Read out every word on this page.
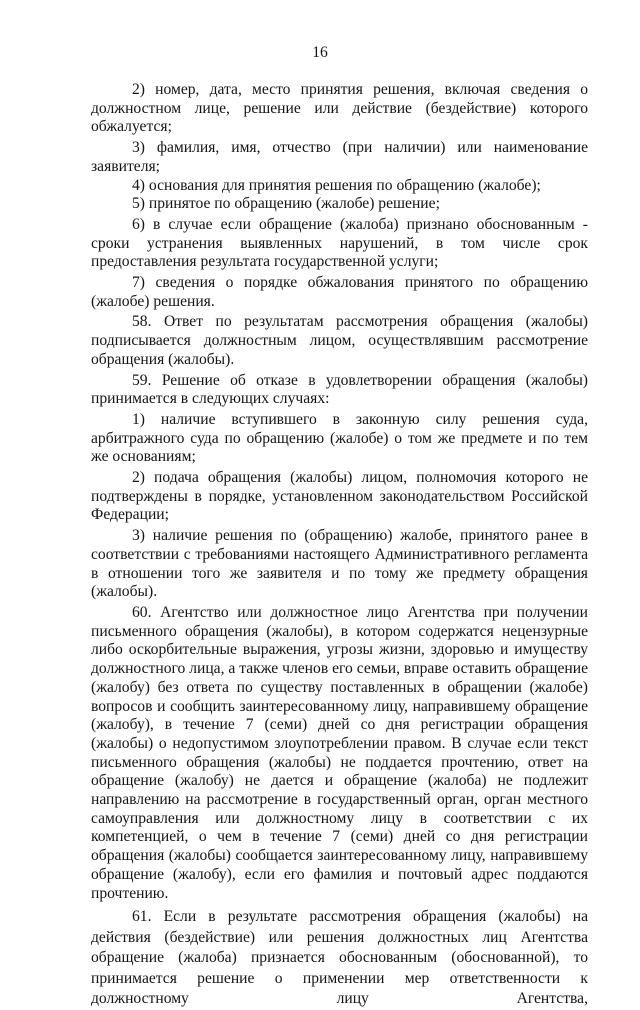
16

2) номер, дата, место принятия решения, включая сведения о должностном лице, решение или действие (бездействие) которого обжалуется;

3) фамилия, имя, отчество (при наличии) или наименование заявителя;

4) основания для принятия решения по обращению (жалобе);

5) принятое по обращению (жалобе) решение;

6) в случае если обращение (жалоба) признано обоснованным - сроки устранения выявленных нарушений, в том числе срок предоставления результата государственной услуги;

7) сведения о порядке обжалования принятого по обращению (жалобе) решения.

58. Ответ по результатам рассмотрения обращения (жалобы) подписывается должностным лицом, осуществлявшим рассмотрение обращения (жалобы).

59. Решение об отказе в удовлетворении обращения (жалобы) принимается в следующих случаях:

1) наличие вступившего в законную силу решения суда, арбитражного суда по обращению (жалобе) о том же предмете и по тем же основаниям;

2) подача обращения (жалобы) лицом, полномочия которого не подтверждены в порядке, установленном законодательством Российской Федерации;

3) наличие решения по (обращению) жалобе, принятого ранее в соответствии с требованиями настоящего Административного регламента в отношении того же заявителя и по тому же предмету обращения (жалобы).

60. Агентство или должностное лицо Агентства при получении письменного обращения (жалобы), в котором содержатся нецензурные либо оскорбительные выражения, угрозы жизни, здоровью и имуществу должностного лица, а также членов его семьи, вправе оставить обращение (жалобу) без ответа по существу поставленных в обращении (жалобе) вопросов и сообщить заинтересованному лицу, направившему обращение (жалобу), в течение 7 (семи) дней со дня регистрации обращения (жалобы) о недопустимом злоупотреблении правом. В случае если текст письменного обращения (жалобы) не поддается прочтению, ответ на обращение (жалобу) не дается и обращение (жалоба) не подлежит направлению на рассмотрение в государственный орган, орган местного самоуправления или должностному лицу в соответствии с их компетенцией, о чем в течение 7 (семи) дней со дня регистрации обращения (жалобы) сообщается заинтересованному лицу, направившему обращение (жалобу), если его фамилия и почтовый адрес поддаются прочтению.

61. Если в результате рассмотрения обращения (жалобы) на действия (бездействие) или решения должностных лиц Агентства обращение (жалоба) признается обоснованным (обоснованной), то принимается решение о применении мер ответственности к должностному лицу Агентства,
